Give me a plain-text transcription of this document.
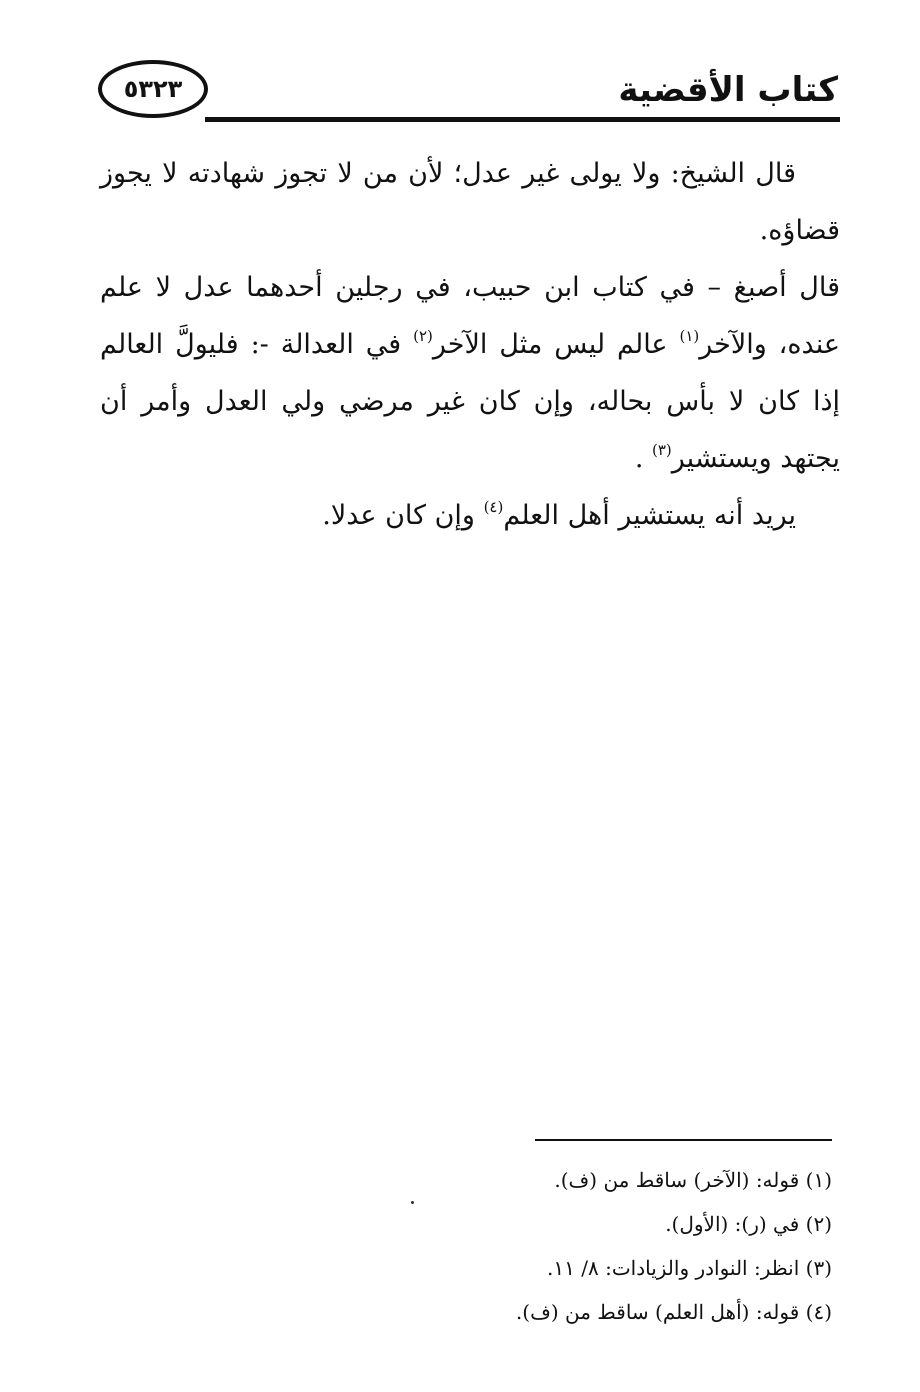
كتاب الأقضية
٥٣٢٣

قال الشيخ: ولا يولى غير عدل؛ لأن من لا تجوز شهادته لا يجوز قضاؤه.

قال أصبغ – في كتاب ابن حبيب، في رجلين أحدهما عدل لا علم عنده، والآخر$^{(١)}$ عالم ليس مثل الآخر$^{(٢)}$ في العدالة -: فليولَّ العالم إذا كان لا بأس بحاله، وإن كان غير مرضي ولي العدل وأمر أن يجتهد ويستشير$^{(٣)}$ .

يريد أنه يستشير أهل العلم$^{(٤)}$ وإن كان عدلا.

(١) قوله: (الآخر) ساقط من (ف).
(٢) في (ر): (الأول).
(٣) انظر: النوادر والزيادات: ٨/ ١١.
(٤) قوله: (أهل العلم) ساقط من (ف).
